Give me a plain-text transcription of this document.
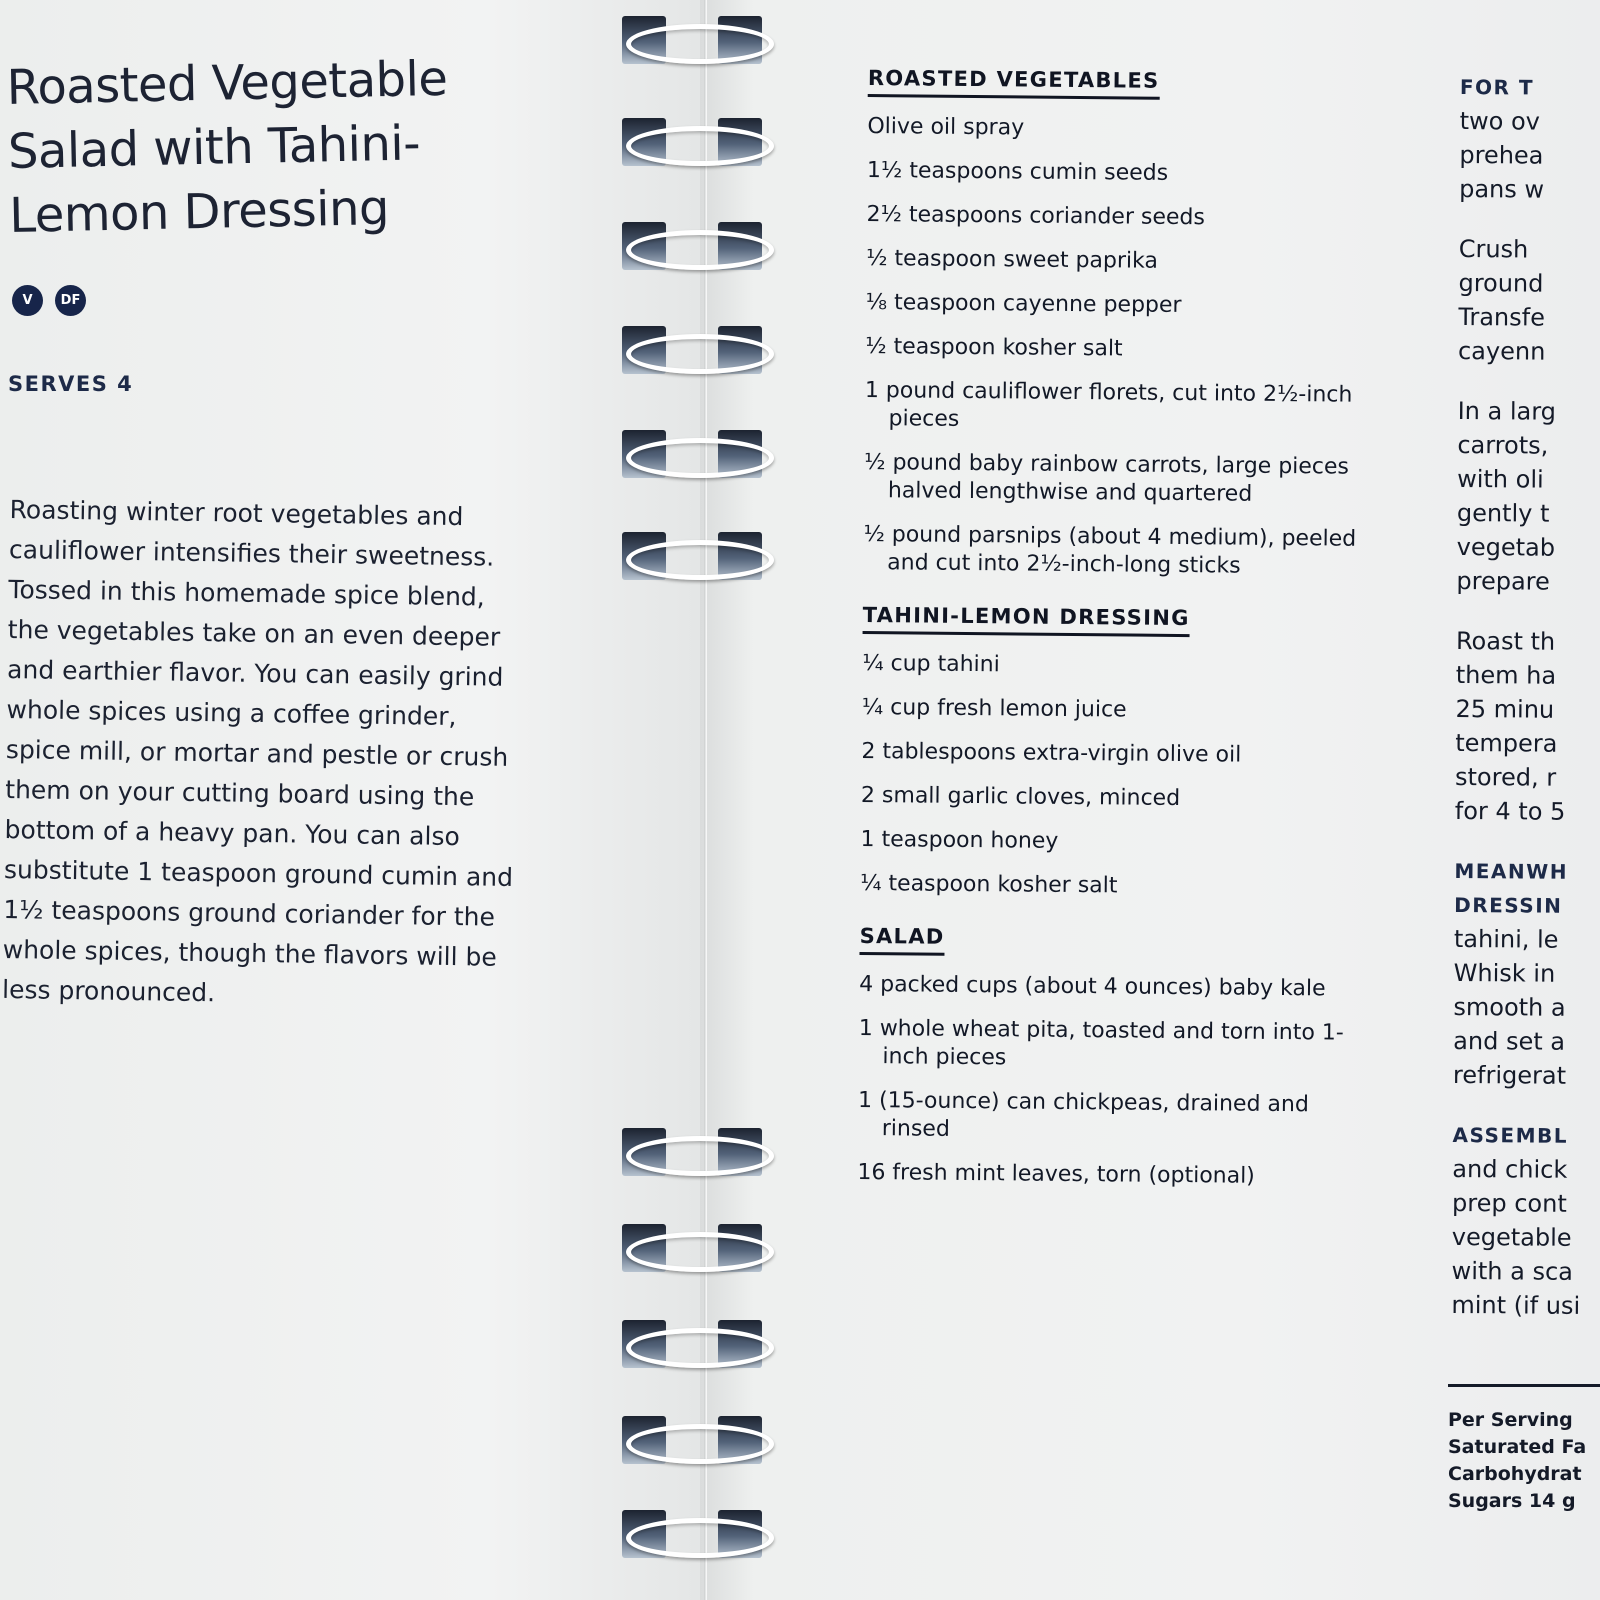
Roasted Vegetable Salad with Tahini-Lemon Dressing
V	DF

SERVES 4

Roasting winter root vegetables and cauliflower intensifies their sweetness. Tossed in this homemade spice blend, the vegetables take on an even deeper and earthier flavor. You can easily grind whole spices using a coffee grinder, spice mill, or mortar and pestle or crush them on your cutting board using the bottom of a heavy pan. You can also substitute 1 teaspoon ground cumin and 1½ teaspoons ground coriander for the whole spices, though the flavors will be less pronounced.

ROASTED VEGETABLES
Olive oil spray
1½ teaspoons cumin seeds
2½ teaspoons coriander seeds
½ teaspoon sweet paprika
⅛ teaspoon cayenne pepper
½ teaspoon kosher salt
1 pound cauliflower florets, cut into 2½-inch pieces
½ pound baby rainbow carrots, large pieces halved lengthwise and quartered
½ pound parsnips (about 4 medium), peeled and cut into 2½-inch-long sticks
TAHINI-LEMON DRESSING
¼ cup tahini
¼ cup fresh lemon juice
2 tablespoons extra-virgin olive oil
2 small garlic cloves, minced
1 teaspoon honey
¼ teaspoon kosher salt
SALAD
4 packed cups (about 4 ounces) baby kale
1 whole wheat pita, toasted and torn into 1-inch pieces
1 (15-ounce) can chickpeas, drained and rinsed
16 fresh mint leaves, torn (optional)
FOR T
two ov
prehea
pans w
Crush
ground
Transfe
cayenn
In a larg
carrots,
with oli
gently t
vegetab
prepare
Roast th
them ha
25 minu
tempera
stored, r
for 4 to 5
MEANWH
DRESSIN
tahini, le
Whisk in
smooth a
and set a
refrigerat
ASSEMBL
and chick
prep cont
vegetable
with a sca
mint (if usi
Per Serving
Saturated Fa
Carbohydrat
Sugars 14 g
